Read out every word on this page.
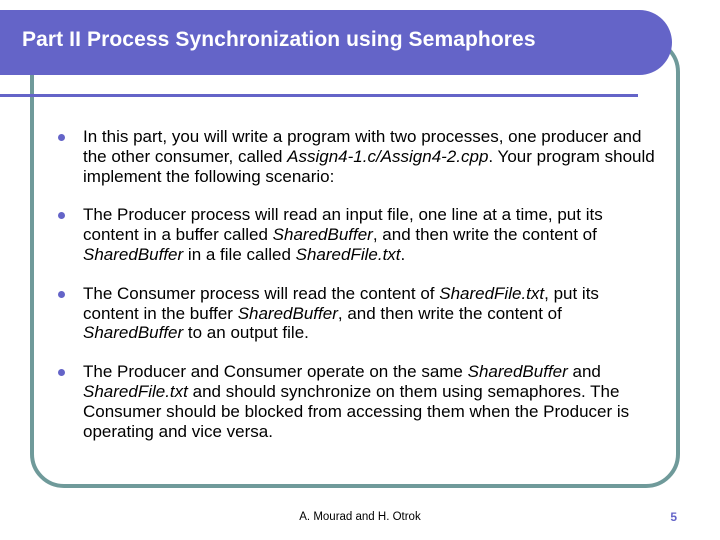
Part II Process Synchronization using Semaphores
In this part, you will write a program with two processes, one producer and the other consumer, called Assign4-1.c/Assign4-2.cpp. Your program should implement the following scenario:
The Producer process will read an input file, one line at a time, put its content in a buffer called SharedBuffer, and then write the content of SharedBuffer in a file called SharedFile.txt.
The Consumer process will read the content of SharedFile.txt, put its content in the buffer SharedBuffer, and then write the content of SharedBuffer to an output file.
The Producer and Consumer operate on the same SharedBuffer and SharedFile.txt and should synchronize on them using semaphores. The Consumer should be blocked from accessing them when the Producer is operating and vice versa.
A. Mourad and H. Otrok	5
